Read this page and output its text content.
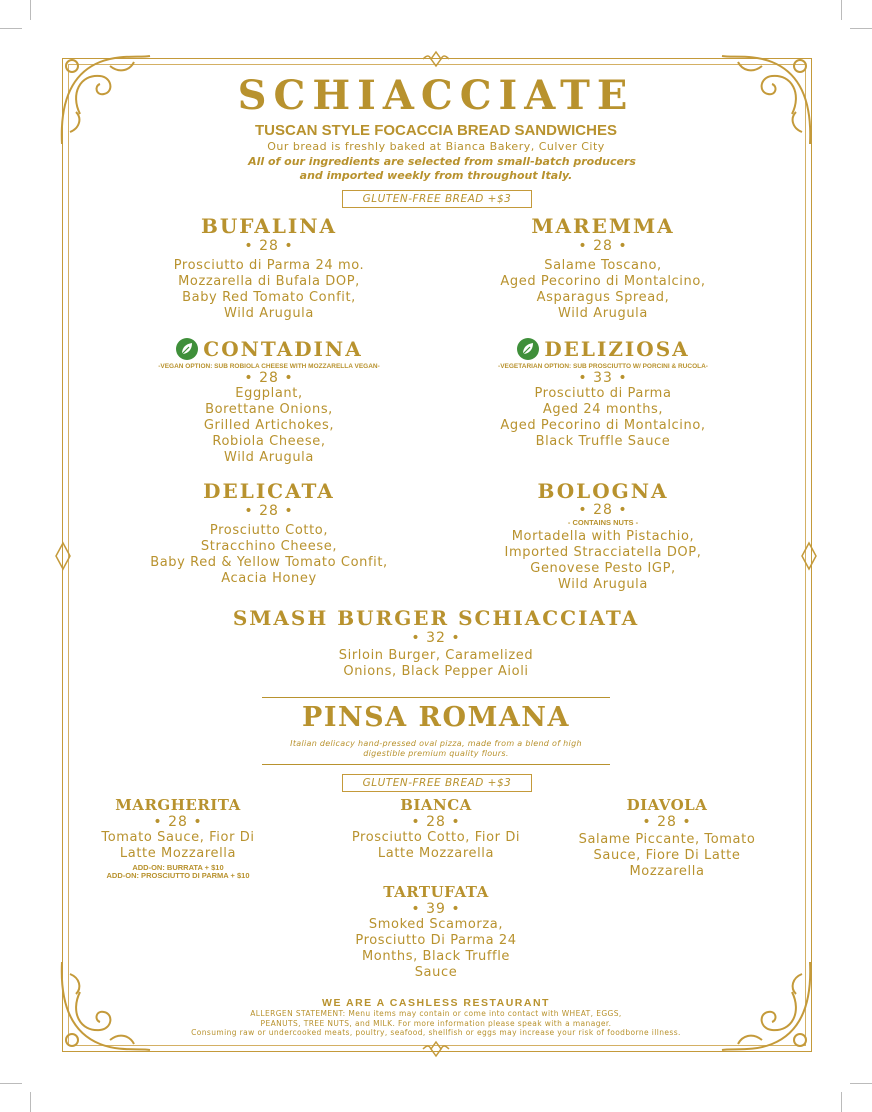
SCHIACCIATE
TUSCAN STYLE FOCACCIA BREAD SANDWICHES
Our bread is freshly baked at Bianca Bakery, Culver City
All of our ingredients are selected from small-batch producers
and imported weekly from throughout Italy.
GLUTEN-FREE BREAD +$3
BUFALINA
• 28 •
Prosciutto di Parma 24 mo.
Mozzarella di Bufala DOP,
Baby Red Tomato Confit,
Wild Arugula
MAREMMA
• 28 •
Salame Toscano,
Aged Pecorino di Montalcino,
Asparagus Spread,
Wild Arugula
CONTADINA
-VEGAN OPTION: SUB ROBIOLA CHEESE WITH MOZZARELLA VEGAN-
• 28 •
Eggplant,
Borettane Onions,
Grilled Artichokes,
Robiola Cheese,
Wild Arugula
DELIZIOSA
-VEGETARIAN OPTION: SUB PROSCIUTTO W/ PORCINI & RUCOLA-
• 33 •
Prosciutto di Parma
Aged 24 months,
Aged Pecorino di Montalcino,
Black Truffle Sauce
DELICATA
• 28 •
Prosciutto Cotto,
Stracchino Cheese,
Baby Red & Yellow Tomato Confit,
Acacia Honey
BOLOGNA
• 28 •
- CONTAINS NUTS -
Mortadella with Pistachio,
Imported Stracciatella DOP,
Genovese Pesto IGP,
Wild Arugula
SMASH BURGER SCHIACCIATA
• 32 •
Sirloin Burger, Caramelized
Onions, Black Pepper Aioli
PINSA ROMANA
Italian delicacy hand-pressed oval pizza, made from a blend of high
digestible premium quality flours.
GLUTEN-FREE BREAD +$3
MARGHERITA
• 28 •
Tomato Sauce, Fior Di
Latte Mozzarella
ADD-ON: BURRATA + $10
ADD-ON: PROSCIUTTO DI PARMA + $10
BIANCA
• 28 •
Prosciutto Cotto, Fior Di
Latte Mozzarella
DIAVOLA
• 28 •
Salame Piccante, Tomato
Sauce, Fiore Di Latte
Mozzarella
TARTUFATA
• 39 •
Smoked Scamorza,
Prosciutto Di Parma 24
Months, Black Truffle
Sauce
WE ARE A CASHLESS RESTAURANT
ALLERGEN STATEMENT: Menu items may contain or come into contact with WHEAT, EGGS,
PEANUTS, TREE NUTS, and MILK. For more information please speak with a manager.
Consuming raw or undercooked meats, poultry, seafood, shellfish or eggs may increase your risk of foodborne illness.
